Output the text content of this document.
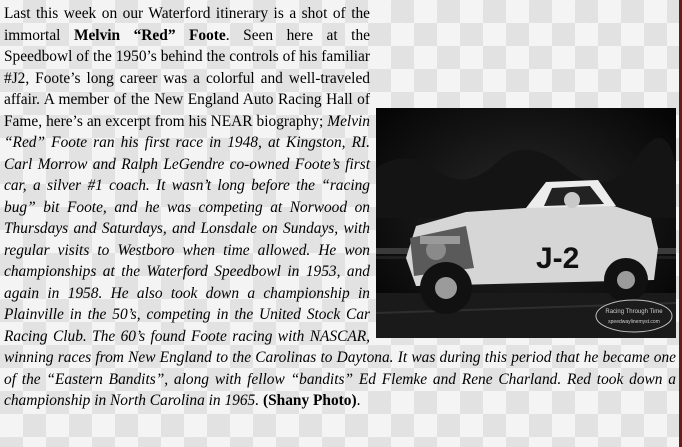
J-2
Racing Through Time
speedwaylinemyst.com
Last this week on our Waterford itinerary is a shot of the immortal Melvin “Red” Foote. Seen here at the Speedbowl of the 1950’s behind the controls of his familiar #J2, Foote’s long career was a colorful and well-traveled affair. A member of the New England Auto Racing Hall of Fame, here’s an excerpt from his NEAR biography; Melvin “Red” Foote ran his first race in 1948, at Kingston, RI. Carl Morrow and Ralph LeGendre co-owned Foote’s first car, a silver #1 coach. It wasn’t long before the “racing bug” bit Foote, and he was competing at Norwood on Thursdays and Saturdays, and Lonsdale on Sundays, with regular visits to Westboro when time allowed. He won championships at the Waterford Speedbowl in 1953, and again in 1958. He also took down a championship in Plainville in the 50’s, competing in the United Stock Car Racing Club. The 60’s found Foote racing with NASCAR, winning races from New England to the Carolinas to Daytona. It was during this period that he became one of the “Eastern Bandits”, along with fellow “bandits” Ed Flemke and Rene Charland. Red took down a championship in North Carolina in 1965. (Shany Photo).
